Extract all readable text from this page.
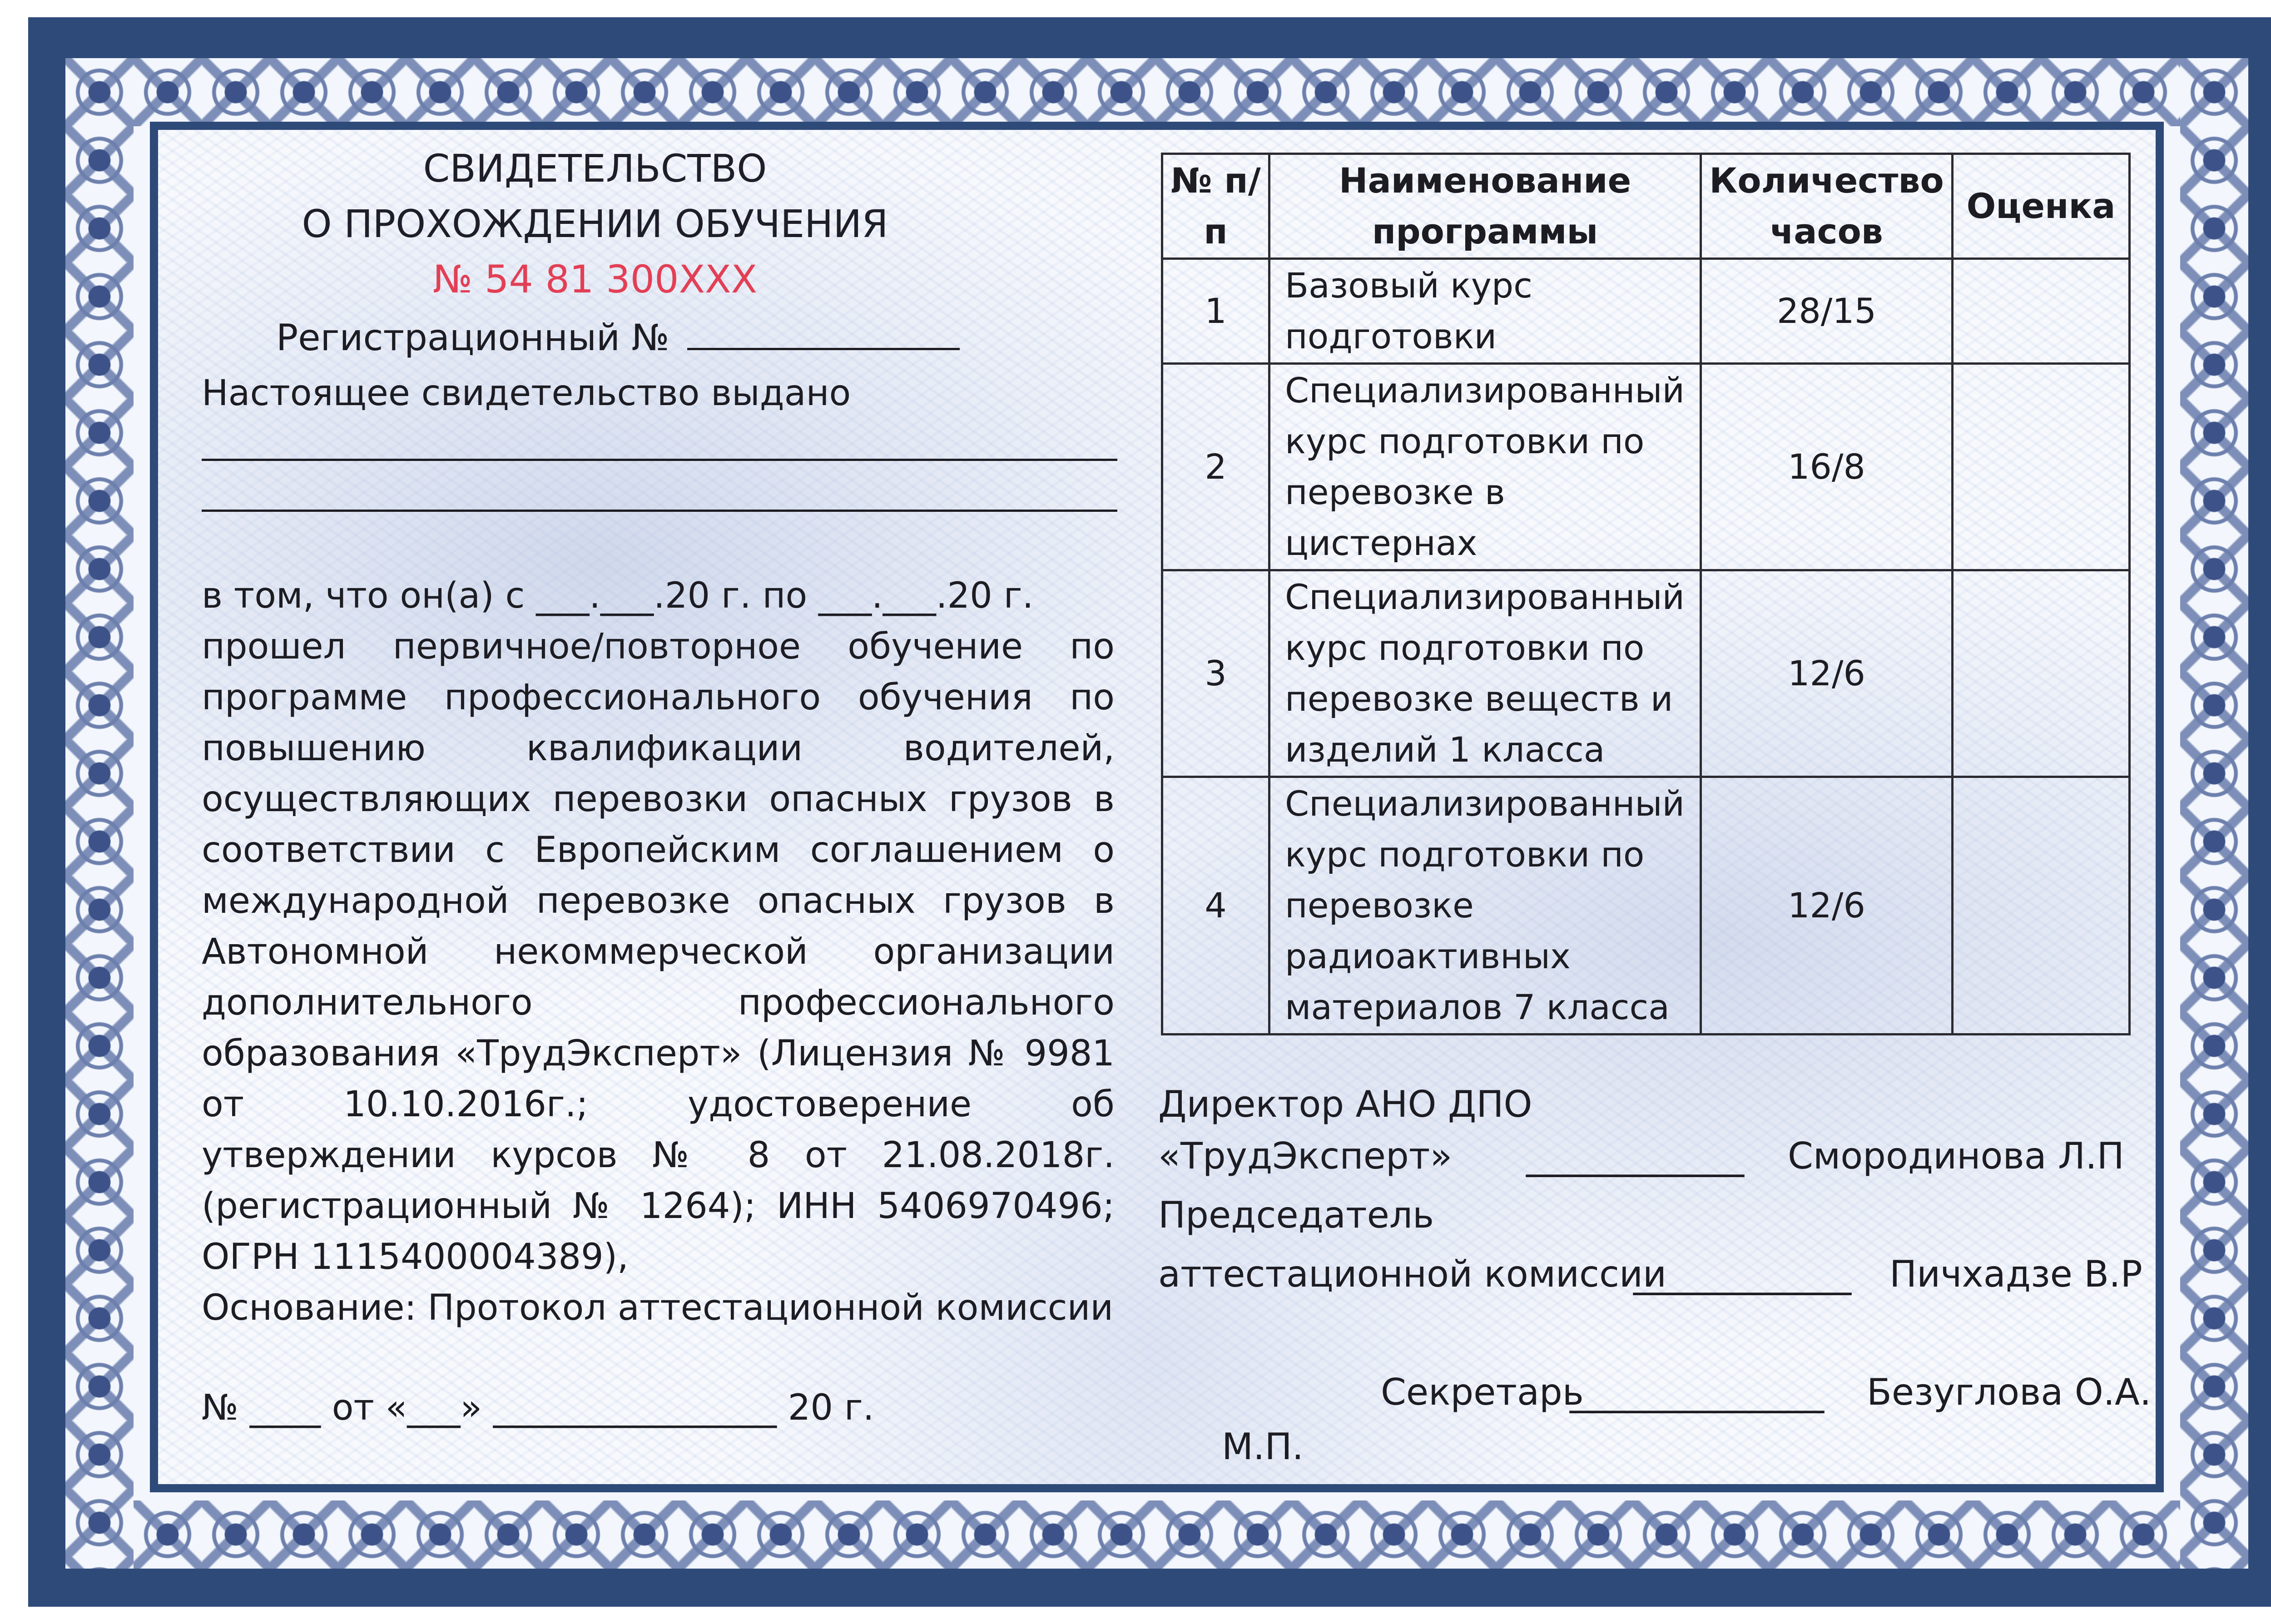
СВИДЕТЕЛЬСТВО
О ПРОХОЖДЕНИИ ОБУЧЕНИЯ
№ 54 81 300ХХХ
Регистрационный №
Настоящее свидетельство выдано
в том, что он(а) с ___.___.20 г. по ___.___.20 г.
прошел первичное/повторное обучение по программе профессионального обучения по повышению квалификации водителей, осуществляющих перевозки опасных грузов в соответствии с Европейским соглашением о международной перевозке опасных грузов в Автономной некоммерческой организации дополнительного профессионального образования «ТрудЭксперт» (Лицензия № 9981 от 10.10.2016г.; удостоверение об утверждении курсов № 8 от 21.08.2018г. (регистрационный № 1264); ИНН 5406970496; ОГРН 1115400004389),
Основание: Протокол аттестационной комиссии
№ ____ от «___» ________________ 20 г.
№ п/п	Наименование программы	Количество часов	Оценка
1	Базовый курс подготовки	28/15	
2	Специализированный курс подготовки по перевозке в цистернах	16/8	
3	Специализированный курс подготовки по перевозке веществ и изделий 1 класса	12/6	
4	Специализированный курс подготовки по перевозке радиоактивных материалов 7 класса	12/6	
Директор АНО ДПО
«ТрудЭксперт» ____________ Смородинова Л.П
Председатель
аттестационной комиссии
____________ Пичхадзе В.Р
Секретарь
______________ Безуглова О.А.
М.П.
